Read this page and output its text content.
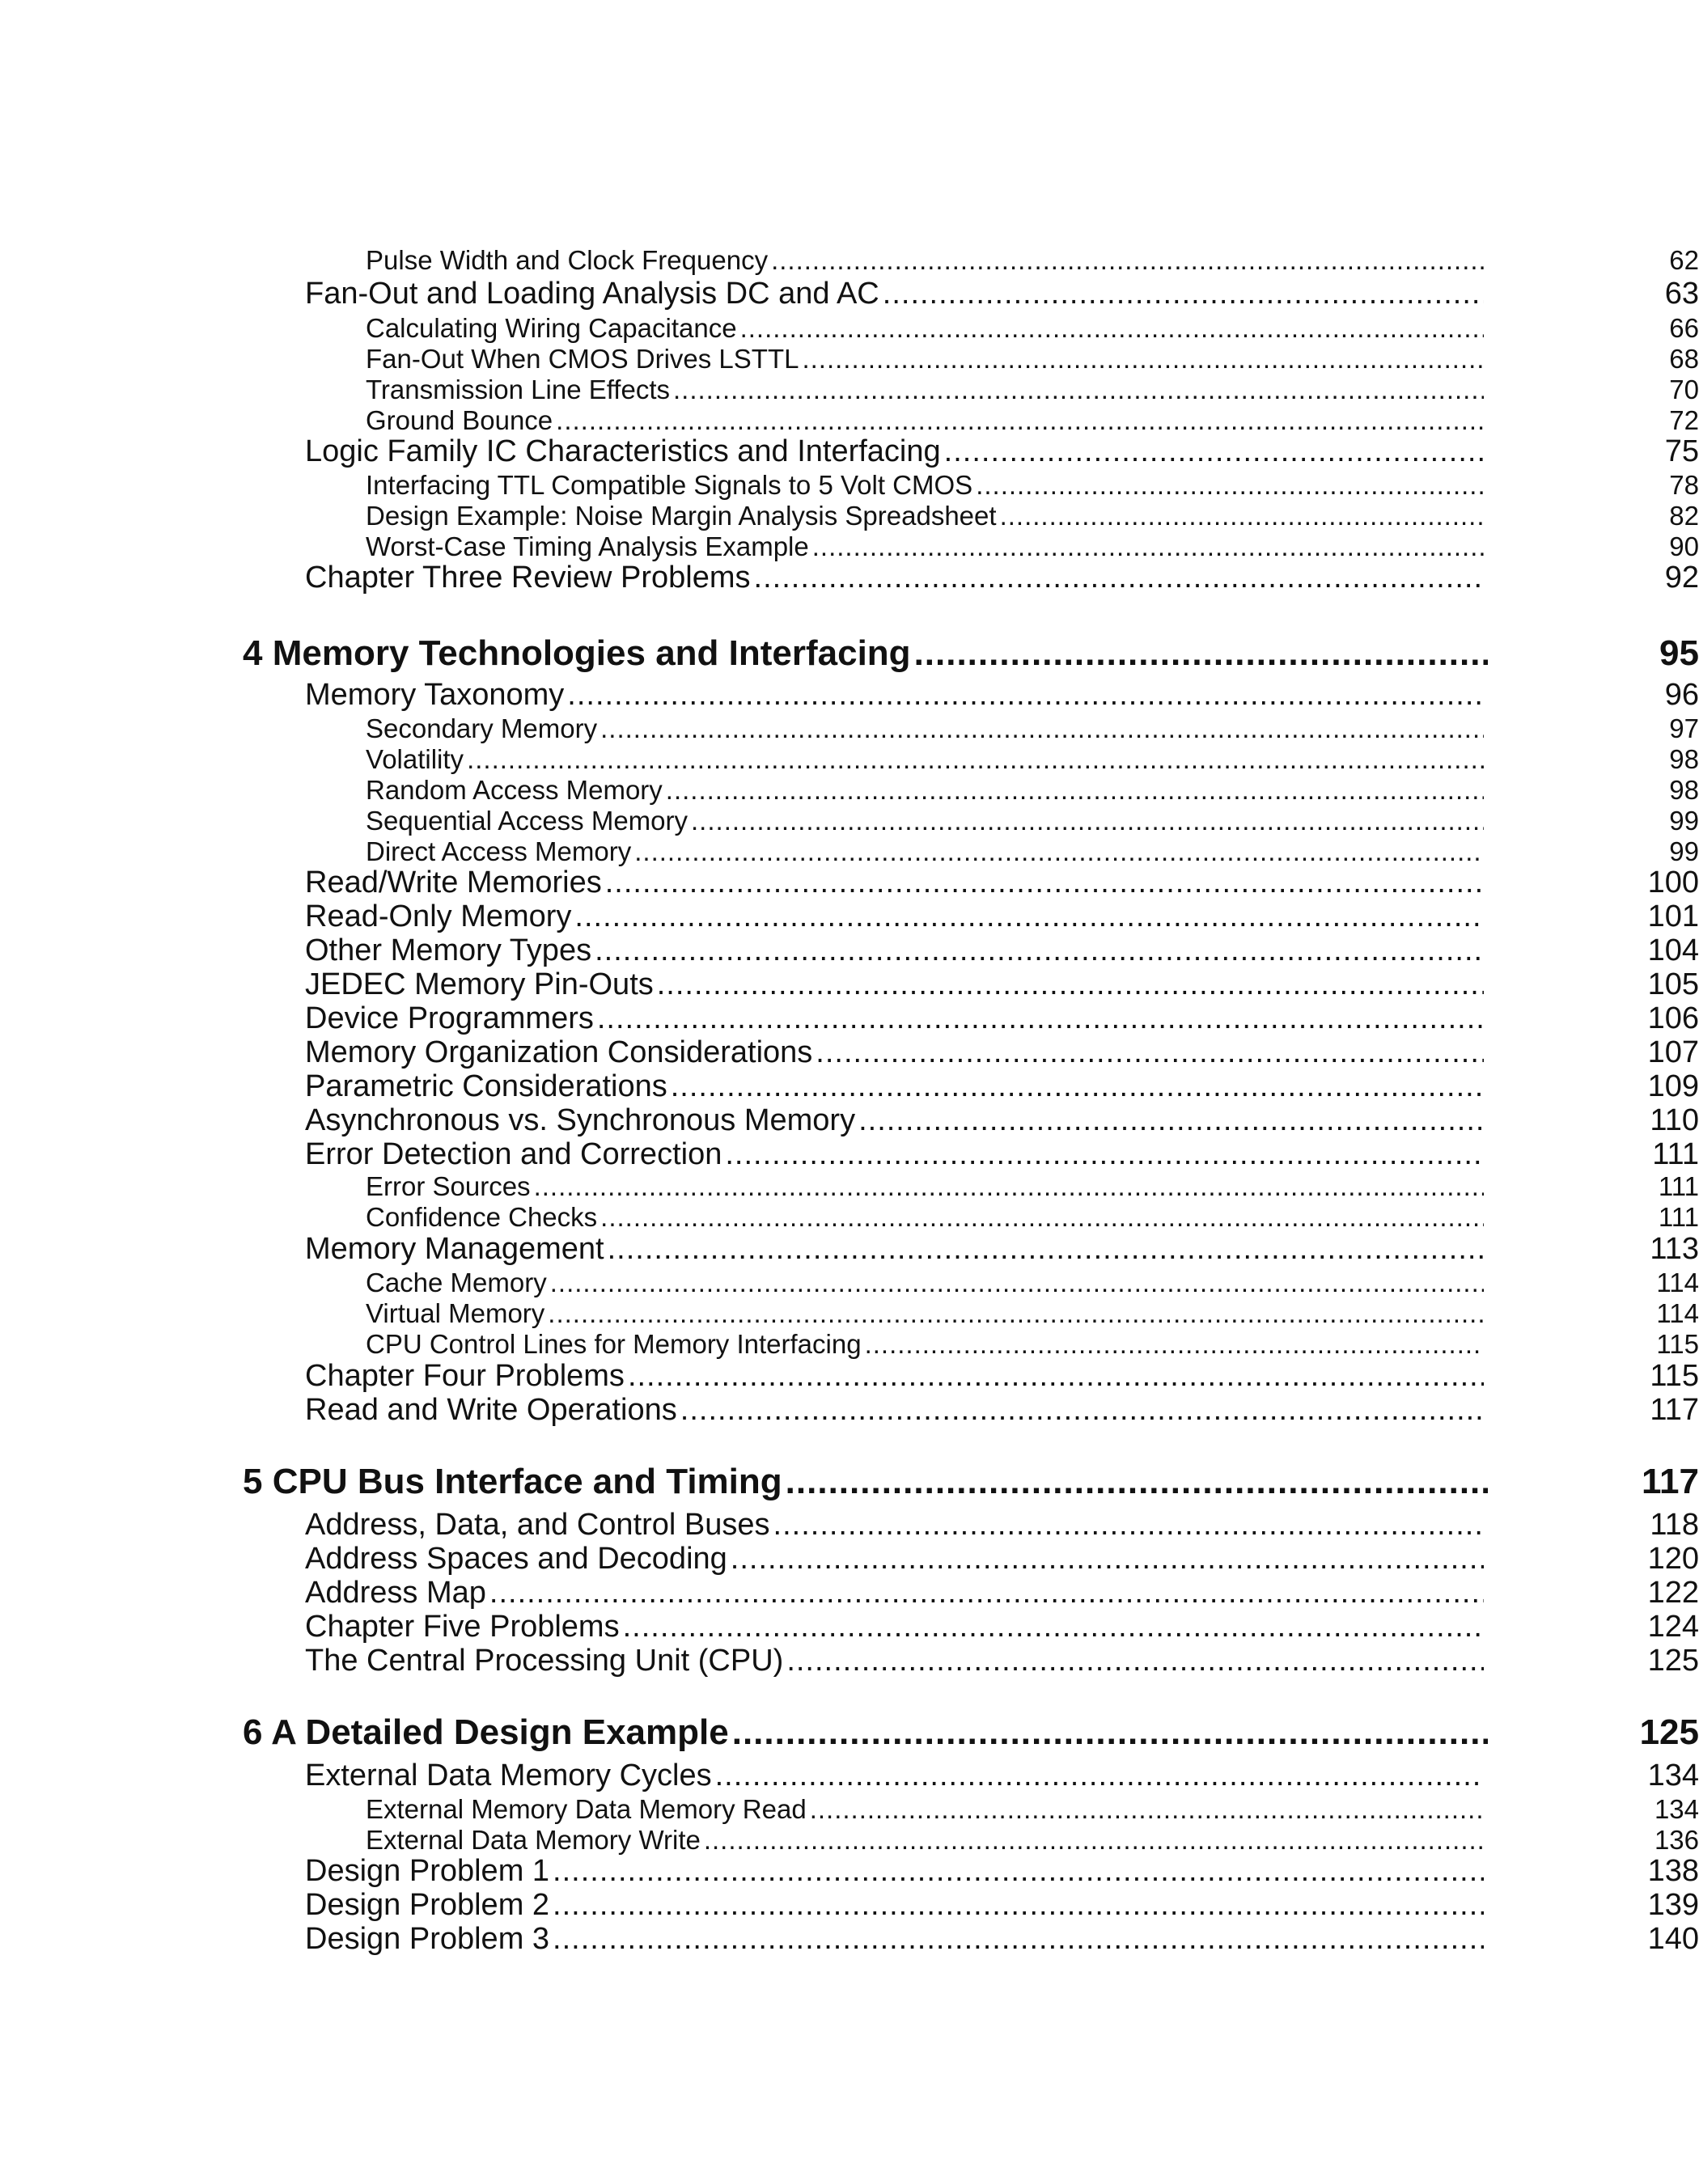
Pulse Width and Clock Frequency .....	62
Fan-Out and Loading Analysis DC and AC .....	63
Calculating Wiring Capacitance .....	66
Fan-Out When CMOS Drives LSTTL .....	68
Transmission Line Effects .....	70
Ground Bounce .....	72
Logic Family IC Characteristics and Interfacing .....	75
Interfacing TTL Compatible Signals to 5 Volt CMOS .....	78
Design Example: Noise Margin Analysis Spreadsheet .....	82
Worst-Case Timing Analysis Example .....	90
Chapter Three Review Problems .....	92
4 Memory Technologies and Interfacing .....	95
Memory Taxonomy .....	96
Secondary Memory .....	97
Volatility .....	98
Random Access Memory .....	98
Sequential Access Memory .....	99
Direct Access Memory .....	99
Read/Write Memories .....	100
Read-Only Memory .....	101
Other Memory Types .....	104
JEDEC Memory Pin-Outs .....	105
Device Programmers .....	106
Memory Organization Considerations .....	107
Parametric Considerations .....	109
Asynchronous vs. Synchronous Memory .....	110
Error Detection and Correction .....	111
Error Sources .....	111
Confidence Checks .....	111
Memory Management .....	113
Cache Memory .....	114
Virtual Memory .....	114
CPU Control Lines for Memory Interfacing .....	115
Chapter Four Problems .....	115
Read and Write Operations .....	117
5 CPU Bus Interface and Timing .....	117
Address, Data, and Control Buses .....	118
Address Spaces and Decoding .....	120
Address Map .....	122
Chapter Five Problems .....	124
The Central Processing Unit (CPU) .....	125
6 A Detailed Design Example .....	125
External Data Memory Cycles .....	134
External Memory Data Memory Read .....	134
External Data Memory Write .....	136
Design Problem 1 .....	138
Design Problem 2 .....	139
Design Problem 3 .....	140
